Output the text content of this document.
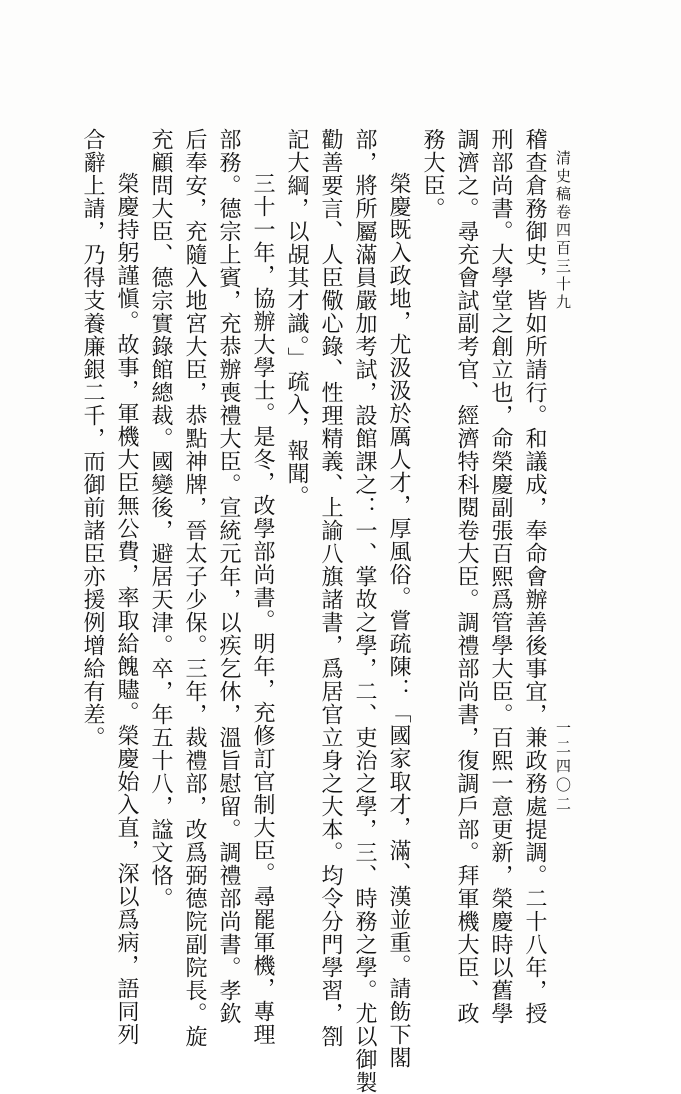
清史稿卷四百三十九
一二四〇二
稽查倉務御史，皆如所請行。和議成，奉命會辦善後事宜，兼政務處提調。二十八年，授
刑部尚書。大學堂之創立也，命榮慶副張百熙爲管學大臣。百熙一意更新，榮慶時以舊學
調濟之。尋充會試副考官、經濟特科閱卷大臣。調禮部尚書，復調戶部。拜軍機大臣、政
務大臣。
榮慶既入政地，尤汲汲於厲人才，厚風俗。嘗疏陳：「國家取才，滿、漢並重。請飭下閣
部，將所屬滿員嚴加考試，設館課之：一、掌故之學，二、吏治之學，三、時務之學。尤以御製
勸善要言、人臣儆心錄、性理精義、上諭八旗諸書，爲居官立身之大本。均令分門學習，劄
記大綱，以覘其才識。」疏入，報聞。
三十一年，協辦大學士。是冬，改學部尚書。明年，充修訂官制大臣。尋罷軍機，專理
部務。德宗上賓，充恭辦喪禮大臣。宣統元年，以疾乞休，溫旨慰留。調禮部尚書。孝欽
后奉安，充隨入地宮大臣，恭點神牌，晉太子少保。三年，裁禮部，改爲弼德院副院長。旋
充顧問大臣、德宗實錄館總裁。國變後，避居天津。卒，年五十八，諡文恪。
榮慶持躬謹愼。故事，軍機大臣無公費，率取給餽贐。榮慶始入直，深以爲病，語同列
合辭上請，乃得支養廉銀二千，而御前諸臣亦援例增給有差。
